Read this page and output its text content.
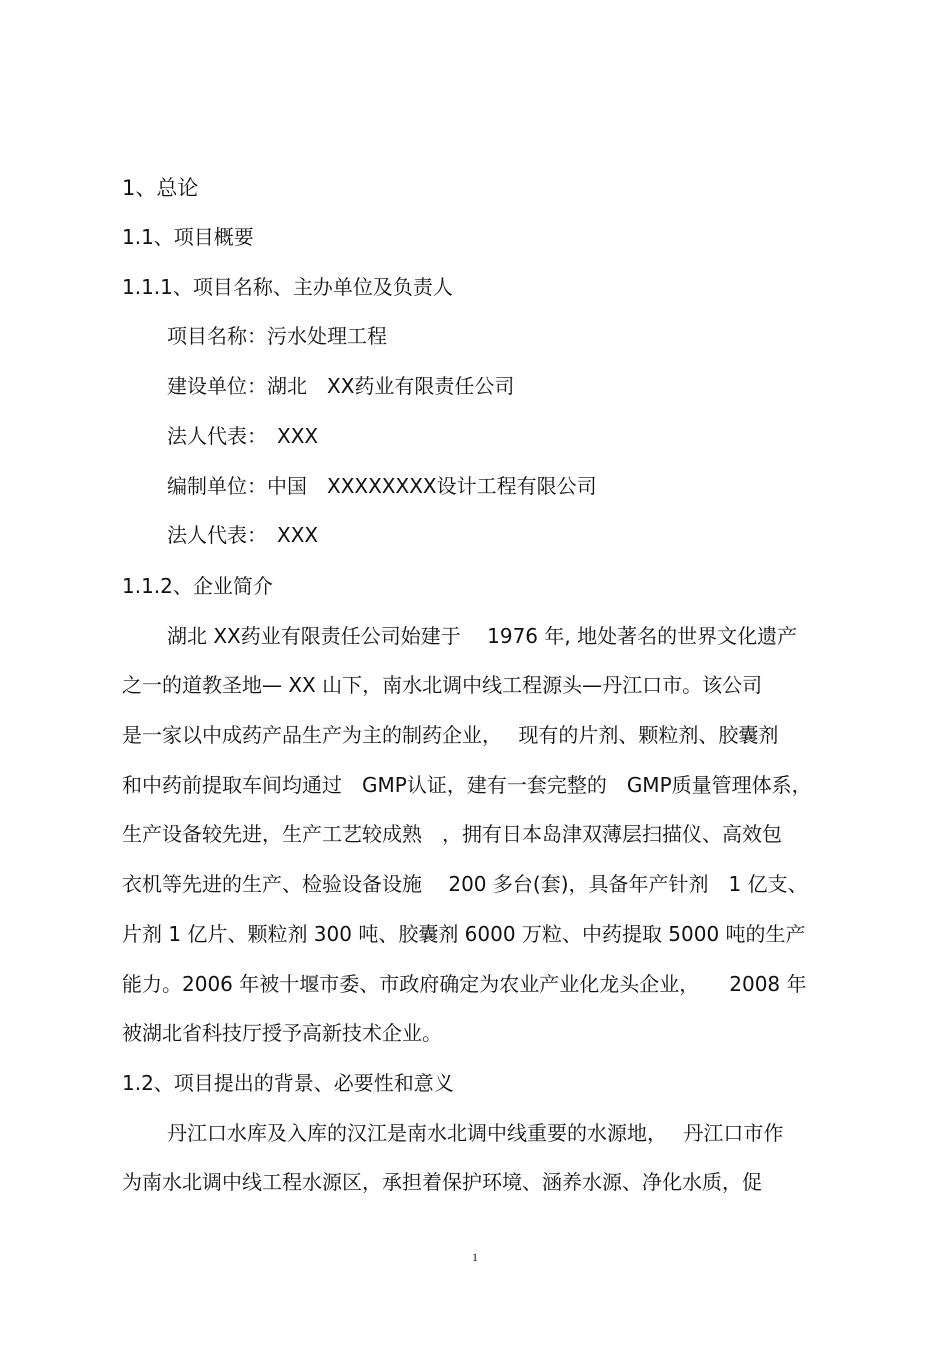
1、总论
1.1、项目概要
1.1.1、项目名称、主办单位及负责人
项目名称：污水处理工程
建设单位：湖北　XX药业有限责任公司
法人代表：　XXX
编制单位：中国　XXXXXXXX设计工程有限公司
法人代表：　XXX
1.1.2、企业简介
湖北 XX药业有限责任公司始建于　 1976 年, 地处著名的世界文化遗产
之一的道教圣地— XX 山下，南水北调中线工程源头—丹江口市。该公司
是一家以中成药产品生产为主的制药企业，　 现有的片剂、颗粒剂、胶囊剂
和中药前提取车间均通过　GMP认证，建有一套完整的　GMP质量管理体系，
生产设备较先进，生产工艺较成熟　，拥有日本岛津双薄层扫描仪、高效包
衣机等先进的生产、检验设备设施　 200 多台(套)，具备年产针剂　1 亿支、
片剂 1 亿片、颗粒剂 300 吨、胶囊剂 6000 万粒、中药提取 5000 吨的生产
能力。2006 年被十堰市委、市政府确定为农业产业化龙头企业，　　2008 年
被湖北省科技厅授予高新技术企业。
1.2、项目提出的背景、必要性和意义
丹江口水库及入库的汉江是南水北调中线重要的水源地，　 丹江口市作
为南水北调中线工程水源区，承担着保护环境、涵养水源、净化水质，促
1
